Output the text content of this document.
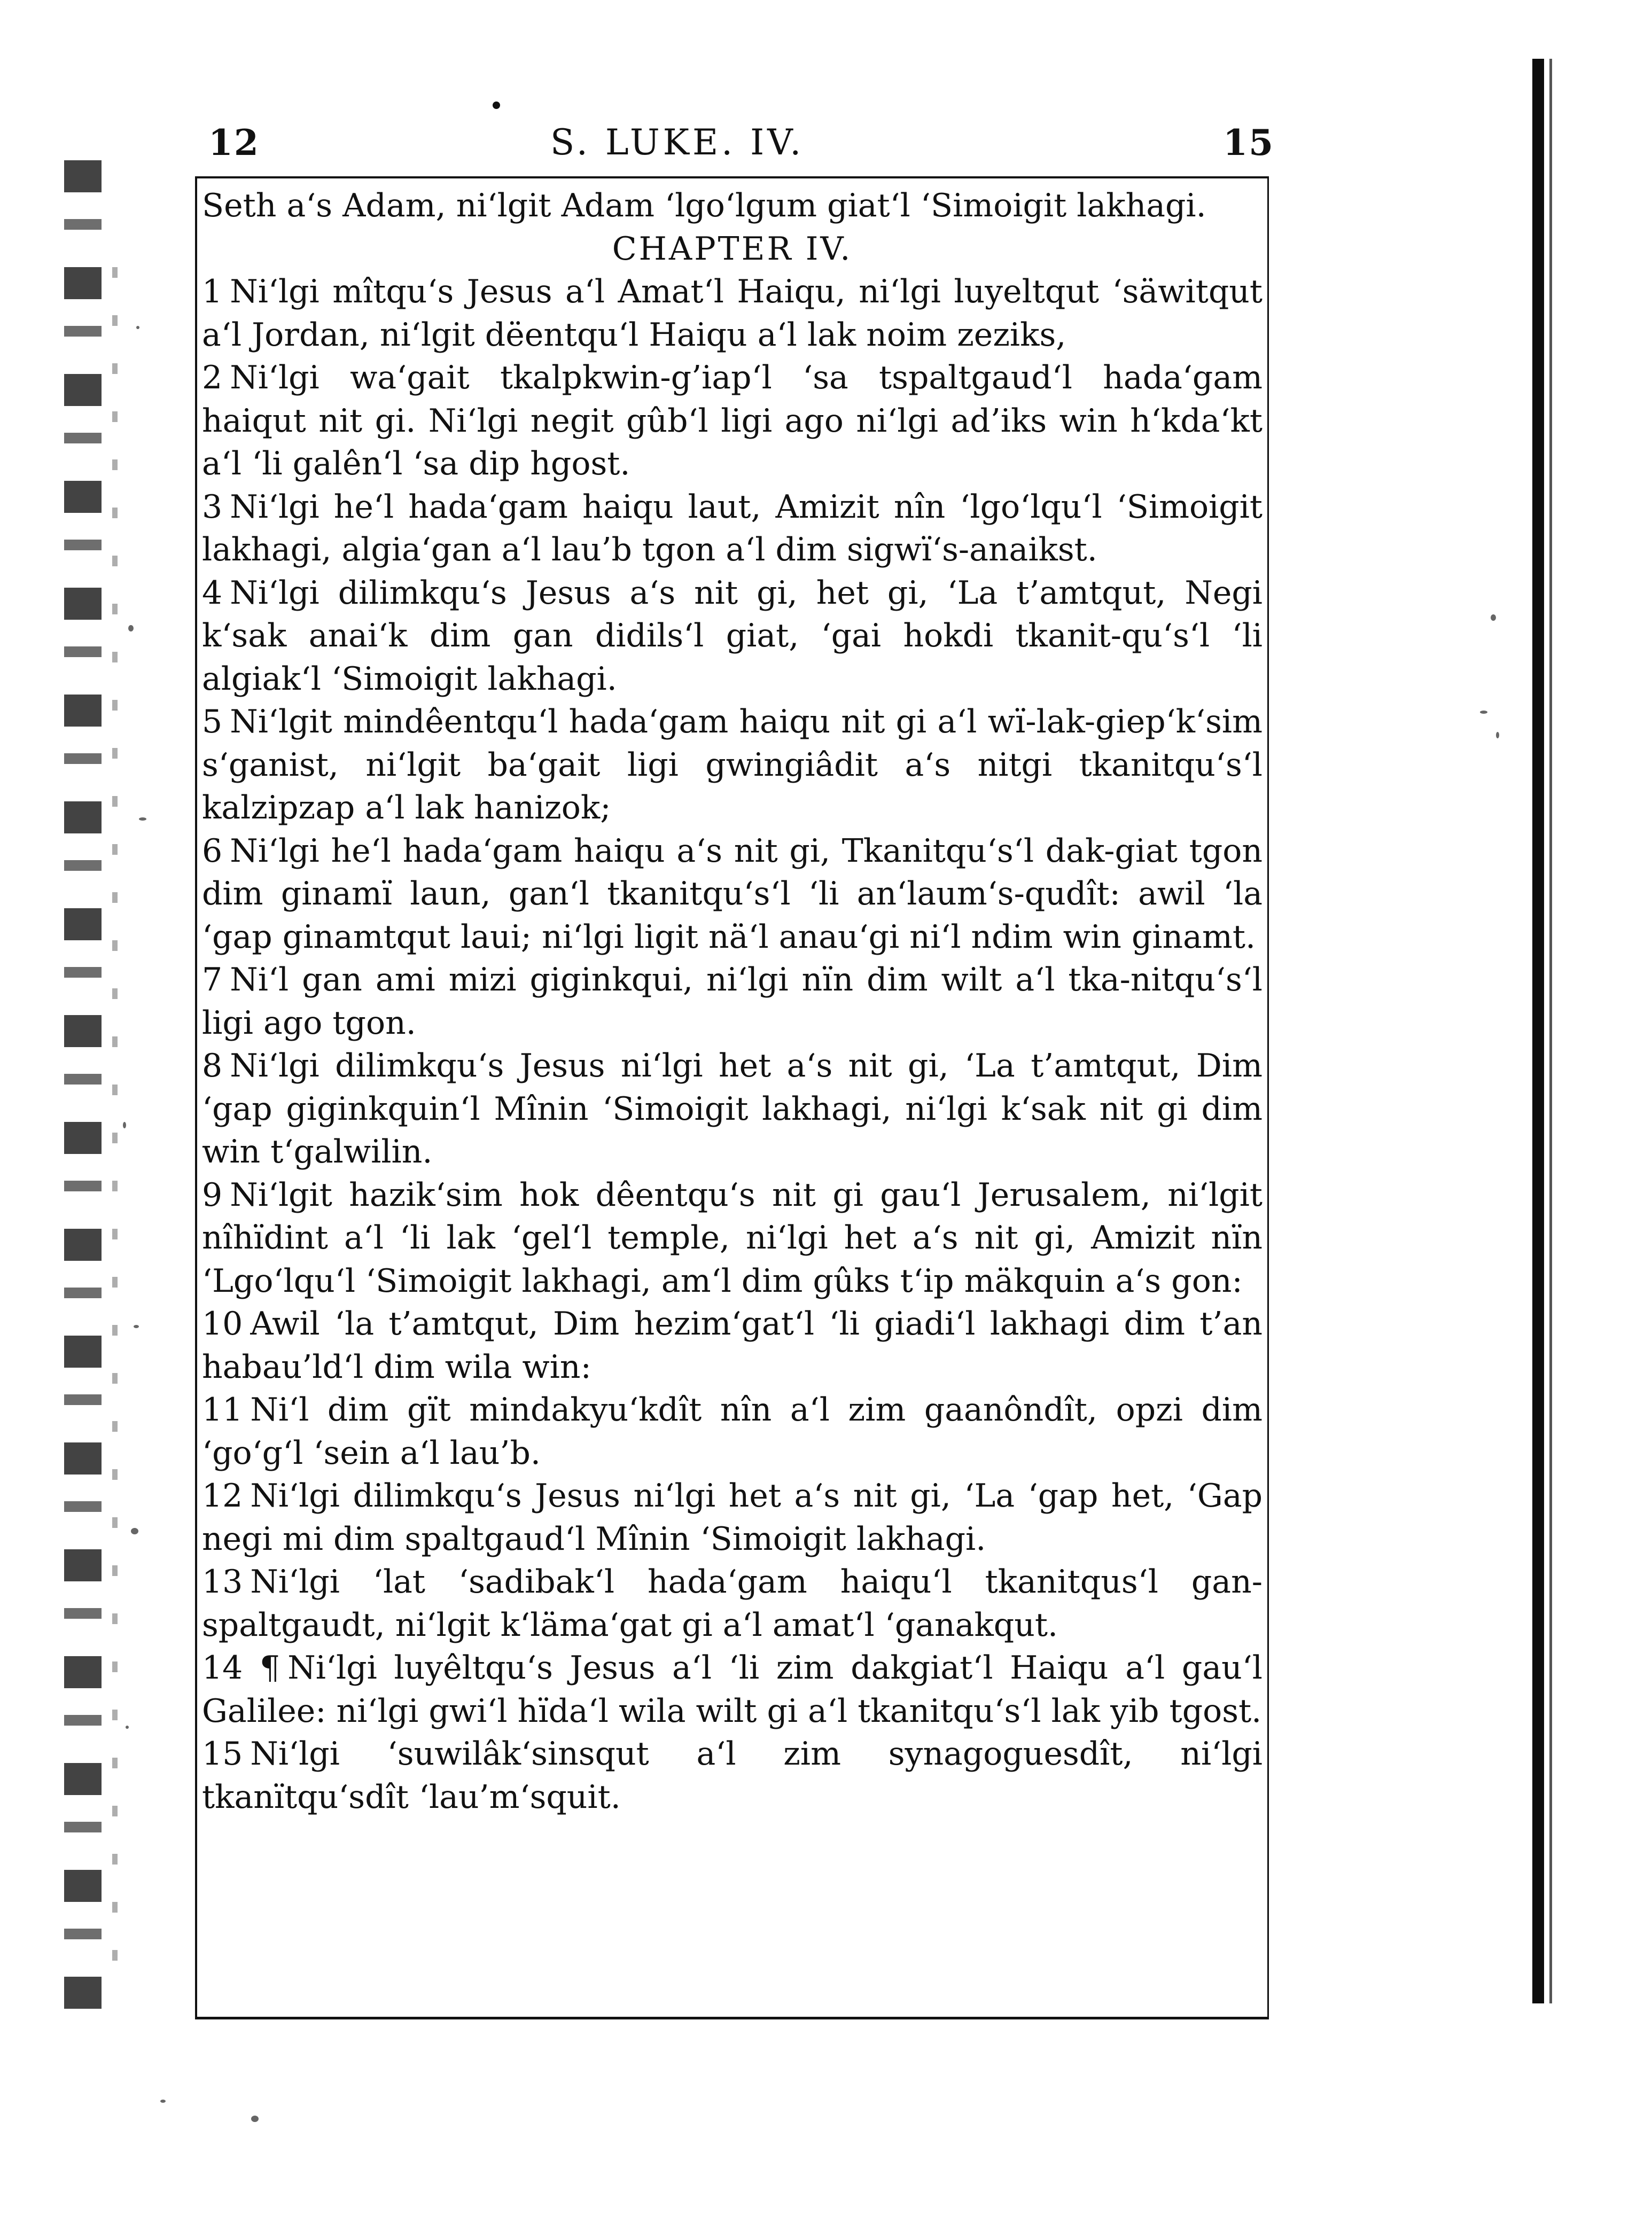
12	S. LUKE. IV.	15

Seth a‘s Adam, ni‘lgit Adam ‘lgo‘lgum giat‘l ‘Simoigit lakhagi.

CHAPTER IV.

1 Ni‘lgi mîtqu‘s Jesus a‘l Amat‘l Haiqu, ni‘lgi luyeltqut ‘säwitqut a‘l Jordan, ni‘lgit dëentqu‘l Haiqu a‘l lak noim zeziks,

2 Ni‘lgi wa‘gait tkalpkwin-g’iap‘l ‘sa tspaltgaud‘l hada‘gam haiqut nit gi. Ni‘lgi negit gûb‘l ligi ago ni‘lgi ad’iks win h‘kda‘kt a‘l ‘li galên‘l ‘sa dip hgost.

3 Ni‘lgi he‘l hada‘gam haiqu laut, Amizit nîn ‘lgo‘lqu‘l ‘Simoigit lakhagi, algia‘gan a‘l lau’b tgon a‘l dim sigwï‘s-anaikst.

4 Ni‘lgi dilimkqu‘s Jesus a‘s nit gi, het gi, ‘La t’amtqut, Negi k‘sak anai‘k dim gan didils‘l giat, ‘gai hokdi tkanit-qu‘s‘l ‘li algiak‘l ‘Simoigit lakhagi.

5 Ni‘lgit mindêentqu‘l hada‘gam haiqu nit gi a‘l wï-lak-giep‘k‘sim s‘ganist, ni‘lgit ba‘gait ligi gwingiâdit a‘s nitgi tkanitqu‘s‘l kalzipzap a‘l lak hanizok;

6 Ni‘lgi he‘l hada‘gam haiqu a‘s nit gi, Tkanitqu‘s‘l dak-giat tgon dim ginamï laun, gan‘l tkanitqu‘s‘l ‘li an‘laum‘s-qudît: awil ‘la ‘gap ginamtqut laui; ni‘lgi ligit nä‘l anau‘gi ni‘l ndim win ginamt.

7 Ni‘l gan ami mizi giginkqui, ni‘lgi nïn dim wilt a‘l tka-nitqu‘s‘l ligi ago tgon.

8 Ni‘lgi dilimkqu‘s Jesus ni‘lgi het a‘s nit gi, ‘La t’amtqut, Dim ‘gap giginkquin‘l Mînin ‘Simoigit lakhagi, ni‘lgi k‘sak nit gi dim win t‘galwilin.

9 Ni‘lgit hazik‘sim hok dêentqu‘s nit gi gau‘l Jerusalem, ni‘lgit nîhïdint a‘l ‘li lak ‘gel‘l temple, ni‘lgi het a‘s nit gi, Amizit nïn ‘Lgo‘lqu‘l ‘Simoigit lakhagi, am‘l dim gûks t‘ip mäkquin a‘s gon:

10 Awil ‘la t’amtqut, Dim hezim‘gat‘l ‘li giadi‘l lakhagi dim t’an habau’ld‘l dim wila win:

11 Ni‘l dim gït mindakyu‘kdît nîn a‘l zim gaanôndît, opzi dim ‘go‘g‘l ‘sein a‘l lau’b.

12 Ni‘lgi dilimkqu‘s Jesus ni‘lgi het a‘s nit gi, ‘La ‘gap het, ‘Gap negi mi dim spaltgaud‘l Mînin ‘Simoigit lakhagi.

13 Ni‘lgi ‘lat ‘sadibak‘l hada‘gam haiqu‘l tkanitqus‘l gan-spaltgaudt, ni‘lgit k‘läma‘gat gi a‘l amat‘l ‘ganakqut.

14 ¶ Ni‘lgi luyêltqu‘s Jesus a‘l ‘li zim dakgiat‘l Haiqu a‘l gau‘l Galilee: ni‘lgi gwi‘l hïda‘l wila wilt gi a‘l tkanitqu‘s‘l lak yib tgost.

15 Ni‘lgi ‘suwilâk‘sinsqut a‘l zim synagoguesdît, ni‘lgi tkanïtqu‘sdît ‘lau’m‘squit.
